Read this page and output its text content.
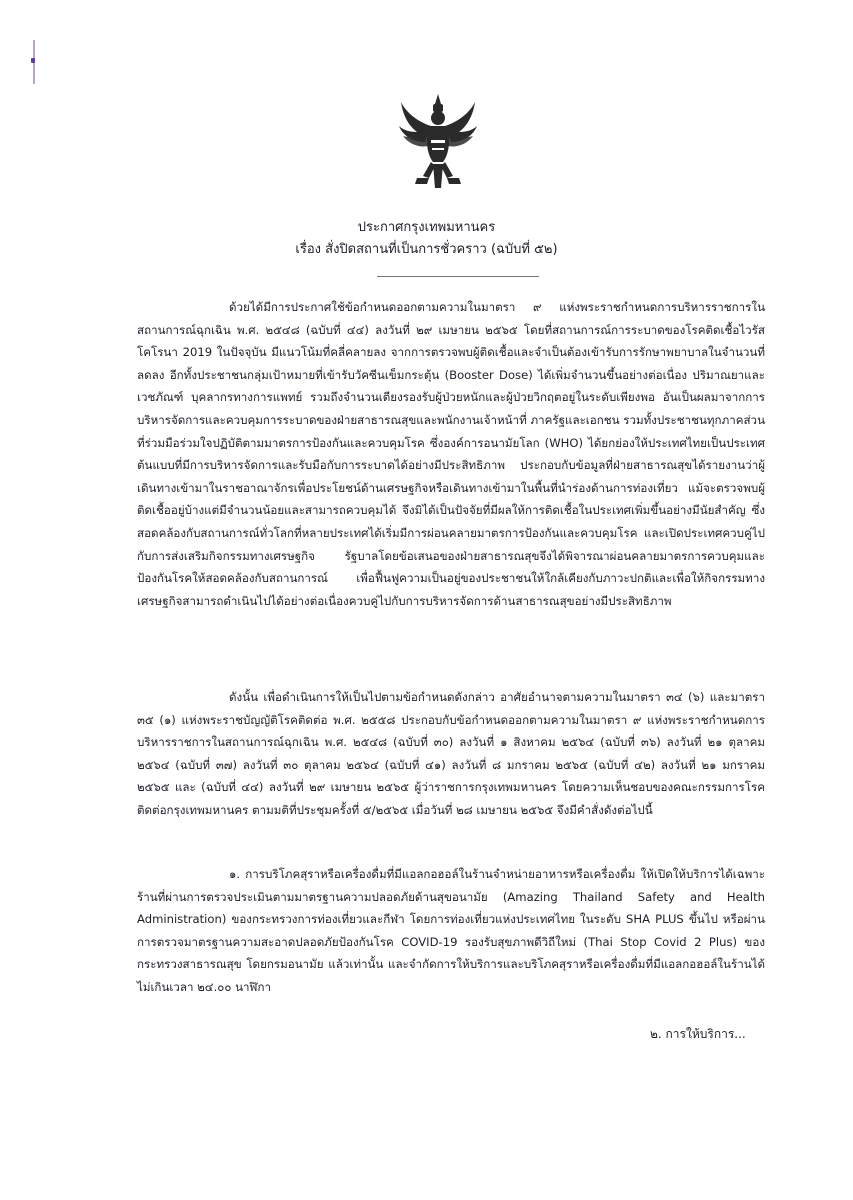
ประกาศกรุงเทพมหานคร
เรื่อง สั่งปิดสถานที่เป็นการชั่วคราว (ฉบับที่ ๕๒)

ด้วยได้มีการประกาศใช้ข้อกำหนดออกตามความในมาตรา ๙ แห่งพระราชกำหนดการบริหารราชการในสถานการณ์ฉุกเฉิน พ.ศ. ๒๕๔๘ (ฉบับที่ ๔๔) ลงวันที่ ๒๙ เมษายน ๒๕๖๕ โดยที่สถานการณ์การระบาดของโรคติดเชื้อไวรัสโคโรนา 2019 ในปัจจุบัน มีแนวโน้มที่คลี่คลายลง จากการตรวจพบผู้ติดเชื้อและจำเป็นต้องเข้ารับการรักษาพยาบาลในจำนวนที่ลดลง อีกทั้งประชาชนกลุ่มเป้าหมายที่เข้ารับวัคซีนเข็มกระตุ้น (Booster Dose) ได้เพิ่มจำนวนขึ้นอย่างต่อเนื่อง ปริมาณยาและเวชภัณฑ์ บุคลากรทางการแพทย์ รวมถึงจำนวนเตียงรองรับผู้ป่วยหนักและผู้ป่วยวิกฤตอยู่ในระดับเพียงพอ อันเป็นผลมาจากการบริหารจัดการและควบคุมการระบาดของฝ่ายสาธารณสุขและพนักงานเจ้าหน้าที่ ภาครัฐและเอกชน รวมทั้งประชาชนทุกภาคส่วนที่ร่วมมือร่วมใจปฏิบัติตามมาตรการป้องกันและควบคุมโรค ซึ่งองค์การอนามัยโลก (WHO) ได้ยกย่องให้ประเทศไทยเป็นประเทศต้นแบบที่มีการบริหารจัดการและรับมือกับการระบาดได้อย่างมีประสิทธิภาพ ประกอบกับข้อมูลที่ฝ่ายสาธารณสุขได้รายงานว่าผู้เดินทางเข้ามาในราชอาณาจักรเพื่อประโยชน์ด้านเศรษฐกิจหรือเดินทางเข้ามาในพื้นที่นำร่องด้านการท่องเที่ยว แม้จะตรวจพบผู้ติดเชื้ออยู่บ้างแต่มีจำนวนน้อยและสามารถควบคุมได้ จึงมิได้เป็นปัจจัยที่มีผลให้การติดเชื้อในประเทศเพิ่มขึ้นอย่างมีนัยสำคัญ ซึ่งสอดคล้องกับสถานการณ์ทั่วโลกที่หลายประเทศได้เริ่มมีการผ่อนคลายมาตรการป้องกันและควบคุมโรค และเปิดประเทศควบคู่ไปกับการส่งเสริมกิจกรรมทางเศรษฐกิจ รัฐบาลโดยข้อเสนอของฝ่ายสาธารณสุขจึงได้พิจารณาผ่อนคลายมาตรการควบคุมและป้องกันโรคให้สอดคล้องกับสถานการณ์ เพื่อฟื้นฟูความเป็นอยู่ของประชาชนให้ใกล้เคียงกับภาวะปกติและเพื่อให้กิจกรรมทางเศรษฐกิจสามารถดำเนินไปได้อย่างต่อเนื่องควบคู่ไปกับการบริหารจัดการด้านสาธารณสุขอย่างมีประสิทธิภาพ

ดังนั้น เพื่อดำเนินการให้เป็นไปตามข้อกำหนดดังกล่าว อาศัยอำนาจตามความในมาตรา ๓๔ (๖) และมาตรา ๓๕ (๑) แห่งพระราชบัญญัติโรคติดต่อ พ.ศ. ๒๕๕๘ ประกอบกับข้อกำหนดออกตามความในมาตรา ๙ แห่งพระราชกำหนดการบริหารราชการในสถานการณ์ฉุกเฉิน พ.ศ. ๒๕๔๘ (ฉบับที่ ๓๐) ลงวันที่ ๑ สิงหาคม ๒๕๖๔ (ฉบับที่ ๓๖) ลงวันที่ ๒๑ ตุลาคม ๒๕๖๔ (ฉบับที่ ๓๗) ลงวันที่ ๓๐ ตุลาคม ๒๕๖๔ (ฉบับที่ ๔๑) ลงวันที่ ๘ มกราคม ๒๕๖๕ (ฉบับที่ ๔๒) ลงวันที่ ๒๑ มกราคม ๒๕๖๕ และ (ฉบับที่ ๔๔) ลงวันที่ ๒๙ เมษายน ๒๕๖๕ ผู้ว่าราชการกรุงเทพมหานคร โดยความเห็นชอบของคณะกรรมการโรคติดต่อกรุงเทพมหานคร ตามมติที่ประชุมครั้งที่ ๕/๒๕๖๕ เมื่อวันที่ ๒๘ เมษายน ๒๕๖๕ จึงมีคำสั่งดังต่อไปนี้

๑. การบริโภคสุราหรือเครื่องดื่มที่มีแอลกอฮอล์ในร้านจำหน่ายอาหารหรือเครื่องดื่ม ให้เปิดให้บริการได้เฉพาะร้านที่ผ่านการตรวจประเมินตามมาตรฐานความปลอดภัยด้านสุขอนามัย (Amazing Thailand Safety and Health Administration) ของกระทรวงการท่องเที่ยวและกีฬา โดยการท่องเที่ยวแห่งประเทศไทย ในระดับ SHA PLUS ขึ้นไป หรือผ่านการตรวจมาตรฐานความสะอาดปลอดภัยป้องกันโรค COVID-19 รองรับสุขภาพดีวิถีใหม่ (Thai Stop Covid 2 Plus) ของกระทรวงสาธารณสุข โดยกรมอนามัย แล้วเท่านั้น และจำกัดการให้บริการและบริโภคสุราหรือเครื่องดื่มที่มีแอลกอฮอล์ในร้านได้ไม่เกินเวลา ๒๔.๐๐ นาฬิกา

๒. การให้บริการ...
